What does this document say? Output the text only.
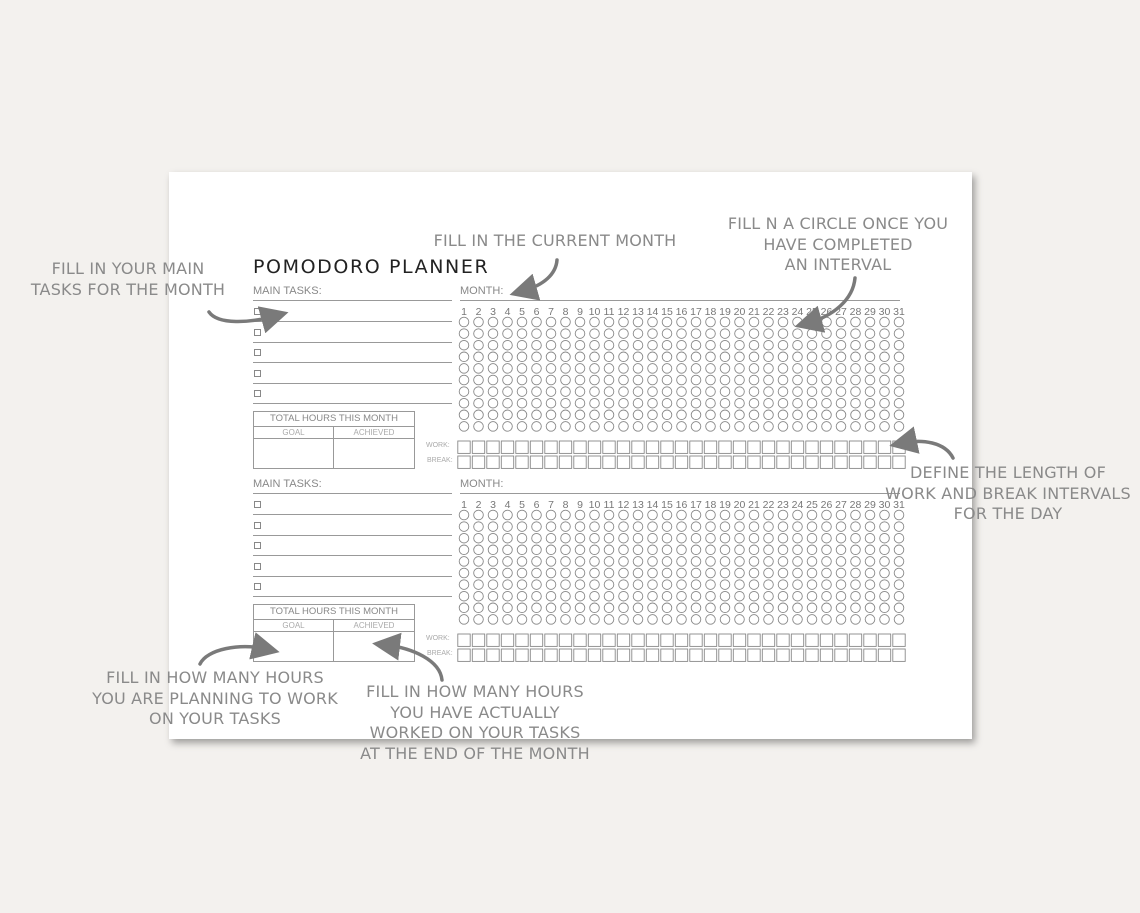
POMODORO PLANNER
MAIN TASKS:	MONTH:
TOTAL HOURS THIS MONTH
GOAL	ACHIEVED
WORK:
BREAK:
MAIN TASKS:	MONTH:
TOTAL HOURS THIS MONTH
GOAL	ACHIEVED
WORK:
BREAK:
1 2 3 4 5 6 7 8 9 10 11 12 13 14 15 16 17 18 19 20 21 22 23 24 25 26 27 28 29 30 31
1 2 3 4 5 6 7 8 9 10 11 12 13 14 15 16 17 18 19 20 21 22 23 24 25 26 27 28 29 30 31
FILL IN YOUR MAIN
TASKS FOR THE MONTH
FILL IN THE CURRENT MONTH
FILL N A CIRCLE ONCE YOU
HAVE COMPLETED
AN INTERVAL
DEFINE THE LENGTH OF
WORK AND BREAK INTERVALS
FOR THE DAY
FILL IN HOW MANY HOURS
YOU ARE PLANNING TO WORK
ON YOUR TASKS
FILL IN HOW MANY HOURS
YOU HAVE ACTUALLY
WORKED ON YOUR TASKS
AT THE END OF THE MONTH
